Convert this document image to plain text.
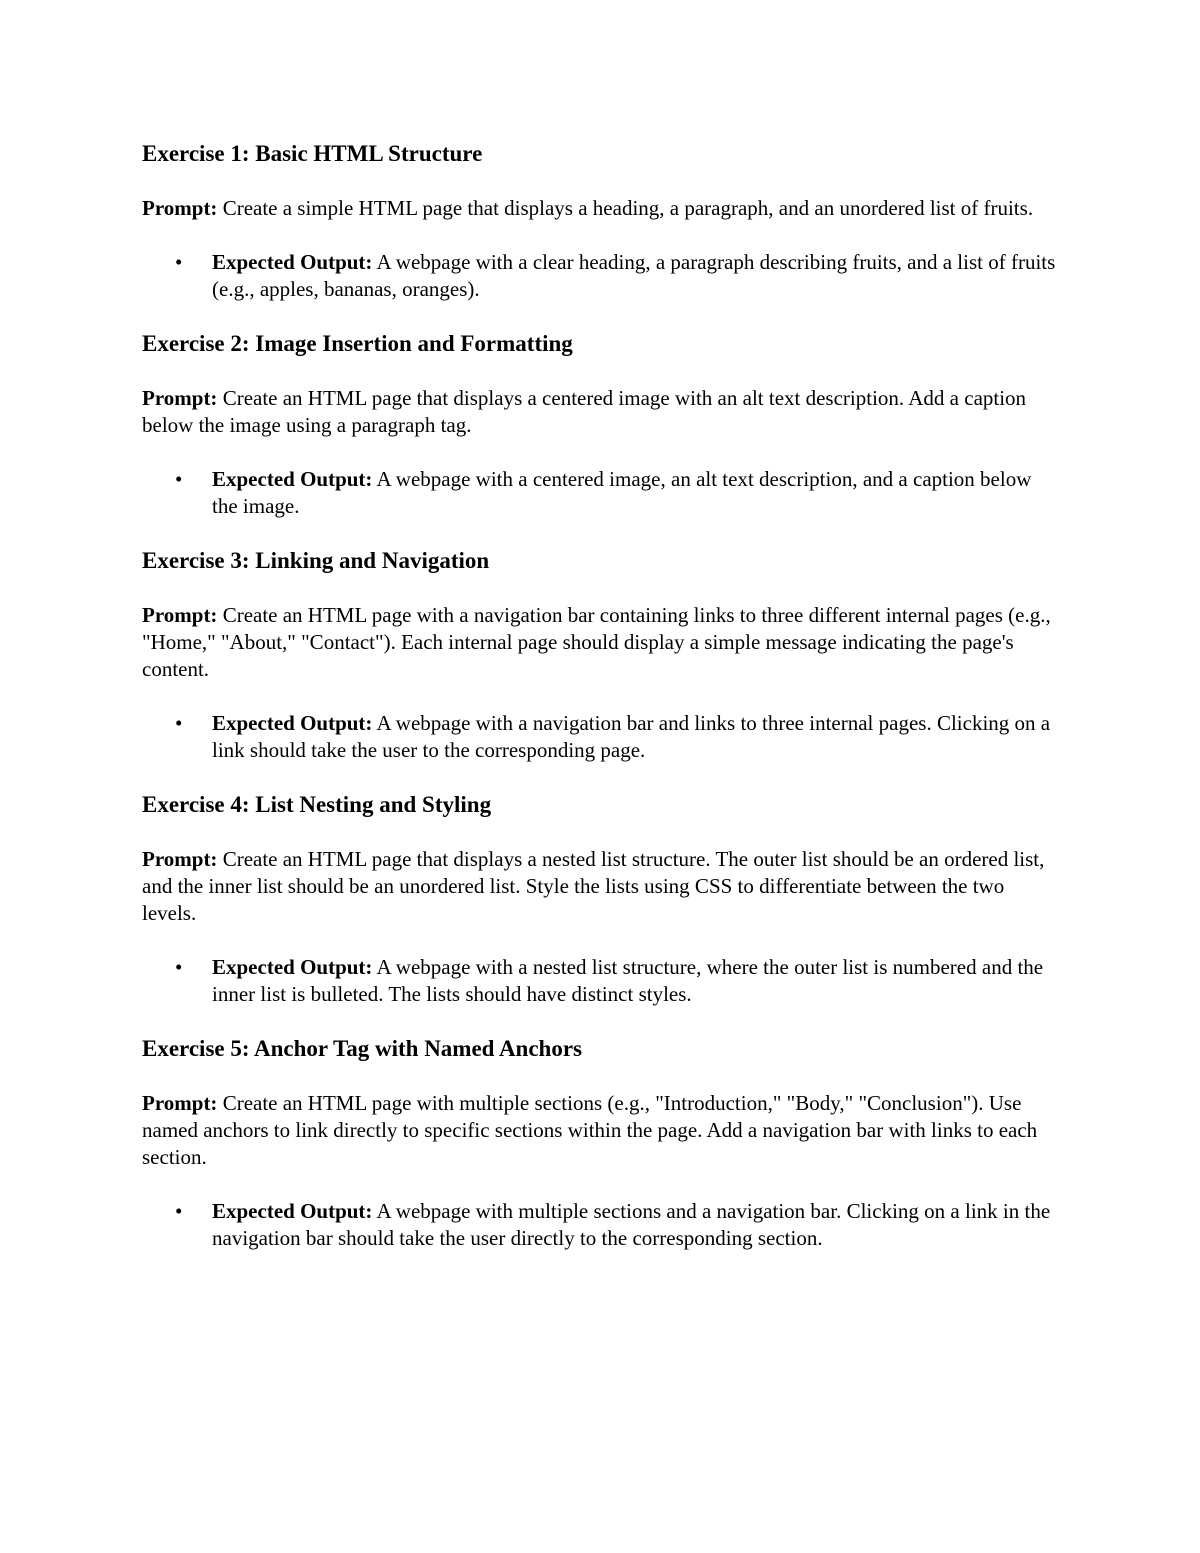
Exercise 1: Basic HTML Structure

Prompt: Create a simple HTML page that displays a heading, a paragraph, and an unordered list of fruits.

• Expected Output: A webpage with a clear heading, a paragraph describing fruits, and a list of fruits (e.g., apples, bananas, oranges).
Exercise 2: Image Insertion and Formatting

Prompt: Create an HTML page that displays a centered image with an alt text description. Add a caption below the image using a paragraph tag.

• Expected Output: A webpage with a centered image, an alt text description, and a caption below the image.
Exercise 3: Linking and Navigation

Prompt: Create an HTML page with a navigation bar containing links to three different internal pages (e.g., "Home," "About," "Contact"). Each internal page should display a simple message indicating the page's content.

• Expected Output: A webpage with a navigation bar and links to three internal pages. Clicking on a link should take the user to the corresponding page.
Exercise 4: List Nesting and Styling

Prompt: Create an HTML page that displays a nested list structure. The outer list should be an ordered list, and the inner list should be an unordered list. Style the lists using CSS to differentiate between the two levels.

• Expected Output: A webpage with a nested list structure, where the outer list is numbered and the inner list is bulleted. The lists should have distinct styles.
Exercise 5: Anchor Tag with Named Anchors

Prompt: Create an HTML page with multiple sections (e.g., "Introduction," "Body," "Conclusion"). Use named anchors to link directly to specific sections within the page. Add a navigation bar with links to each section.

• Expected Output: A webpage with multiple sections and a navigation bar. Clicking on a link in the navigation bar should take the user directly to the corresponding section.
